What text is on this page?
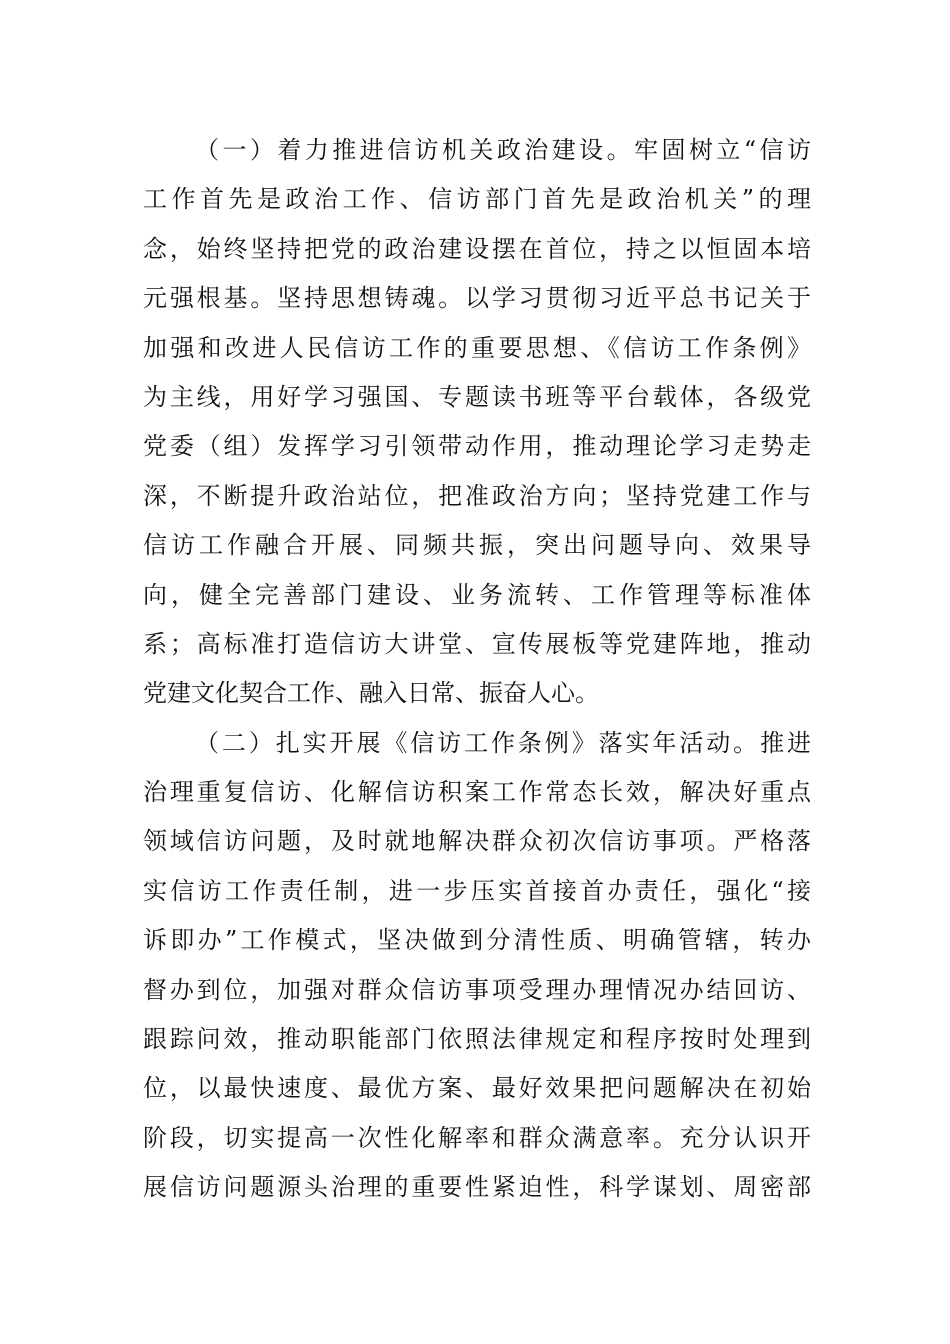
（一）着力推进信访机关政治建设。牢固树立“信访
工作首先是政治工作、信访部门首先是政治机关”的理
念，始终坚持把党的政治建设摆在首位，持之以恒固本培
元强根基。坚持思想铸魂。以学习贯彻习近平总书记关于
加强和改进人民信访工作的重要思想、《信访工作条例》
为主线，用好学习强国、专题读书班等平台载体，各级党
党委（组）发挥学习引领带动作用，推动理论学习走势走
深，不断提升政治站位，把准政治方向；坚持党建工作与
信访工作融合开展、同频共振，突出问题导向、效果导
向，健全完善部门建设、业务流转、工作管理等标准体
系；高标准打造信访大讲堂、宣传展板等党建阵地，推动
党建文化契合工作、融入日常、振奋人心。
（二）扎实开展《信访工作条例》落实年活动。推进
治理重复信访、化解信访积案工作常态长效，解决好重点
领域信访问题，及时就地解决群众初次信访事项。严格落
实信访工作责任制，进一步压实首接首办责任，强化“接
诉即办”工作模式，坚决做到分清性质、明确管辖，转办
督办到位，加强对群众信访事项受理办理情况办结回访、
跟踪问效，推动职能部门依照法律规定和程序按时处理到
位，以最快速度、最优方案、最好效果把问题解决在初始
阶段，切实提高一次性化解率和群众满意率。充分认识开
展信访问题源头治理的重要性紧迫性，科学谋划、周密部
